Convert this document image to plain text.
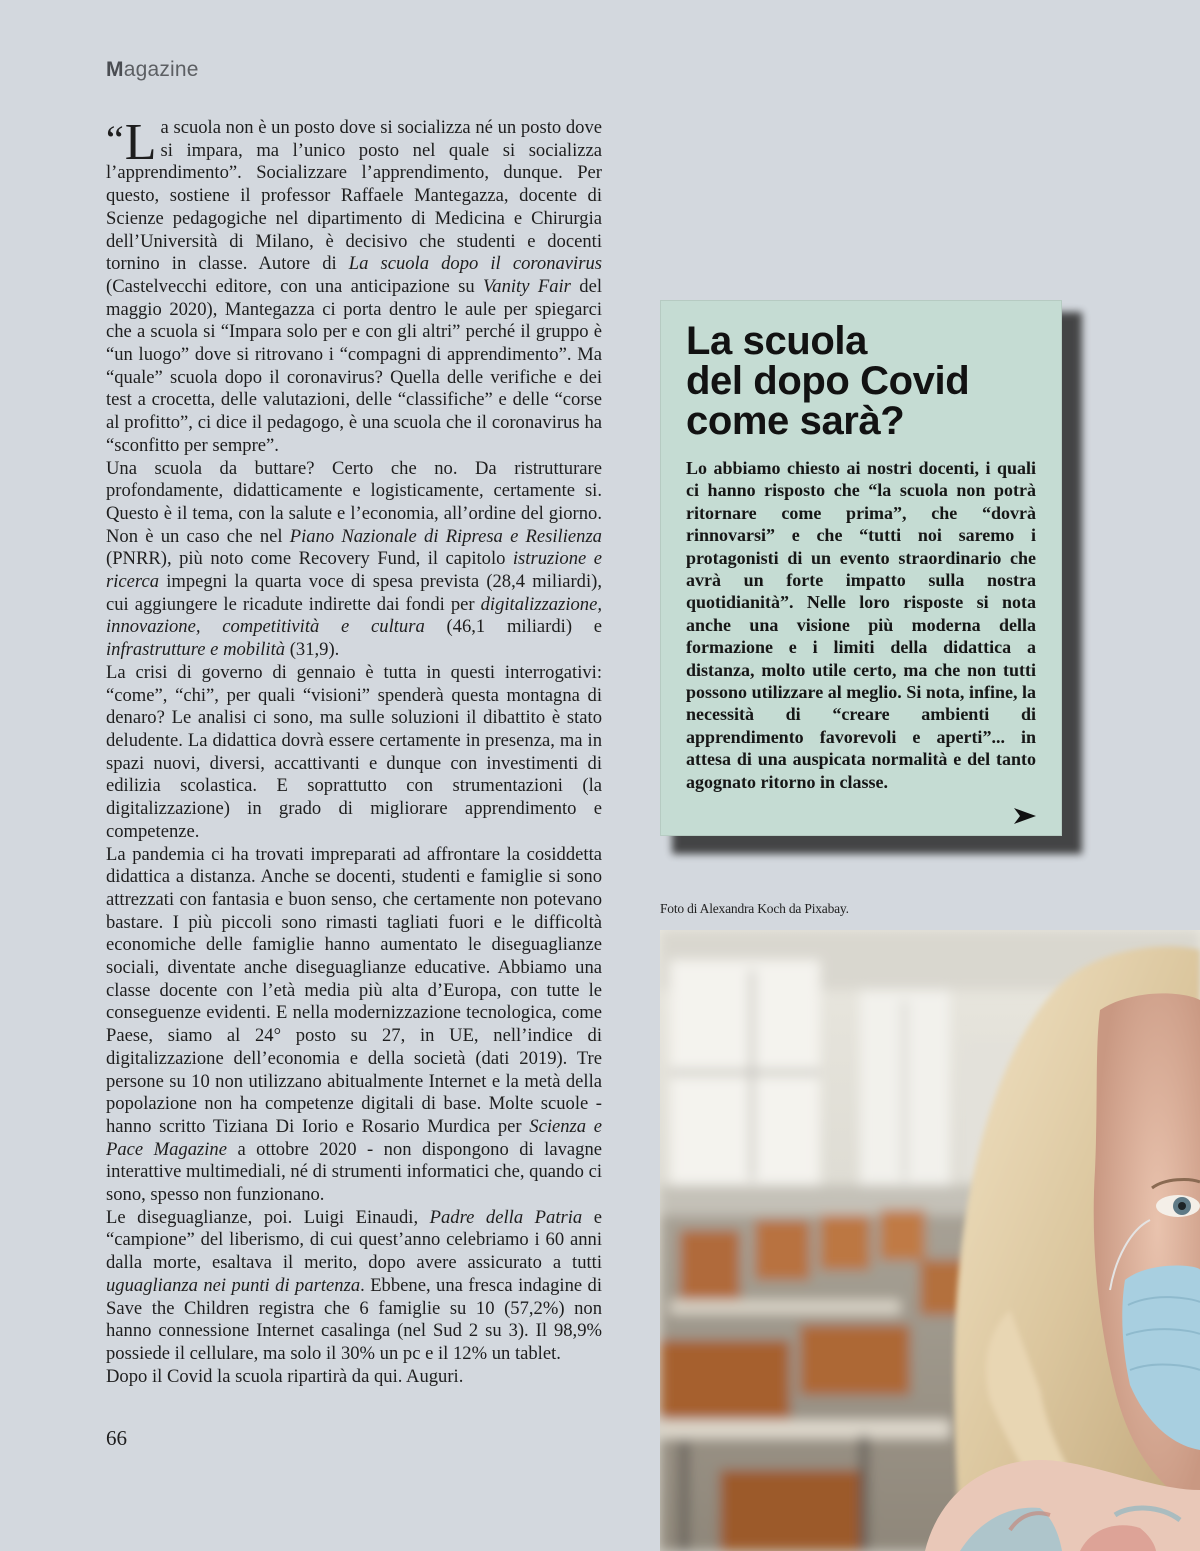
Magazine

“L a scuola non è un posto dove si socializza né un posto dove si impara, ma l’unico posto nel quale si socializza l’apprendimento”. Socializzare l’apprendimento, dunque. Per questo, sostiene il professor Raffaele Mantegazza, docente di Scienze pedagogiche nel dipartimento di Medicina e Chirurgia dell’Università di Milano, è decisivo che studenti e docenti tornino in classe. Autore di La scuola dopo il coronavirus (Castelvecchi editore, con una anticipazione su Vanity Fair del maggio 2020), Mantegazza ci porta dentro le aule per spiegarci che a scuola si “Impara solo per e con gli altri” perché il gruppo è “un luogo” dove si ritrovano i “compagni di apprendimento”. Ma “quale” scuola dopo il coronavirus? Quella delle verifiche e dei test a crocetta, delle valutazioni, delle “classifiche” e delle “corse al profitto”, ci dice il pedagogo, è una scuola che il coronavirus ha “sconfitto per sempre”.

Una scuola da buttare? Certo che no. Da ristrutturare profondamente, didatticamente e logisticamente, certamente si. Questo è il tema, con la salute e l’economia, all’ordine del giorno. Non è un caso che nel Piano Nazionale di Ripresa e Resilienza (PNRR), più noto come Recovery Fund, il capitolo istruzione e ricerca impegni la quarta voce di spesa prevista (28,4 miliardi), cui aggiungere le ricadute indirette dai fondi per digitalizzazione, innovazione, competitività e cultura (46,1 miliardi) e infrastrutture e mobilità (31,9).

La crisi di governo di gennaio è tutta in questi interrogativi: “come”, “chi”, per quali “visioni” spenderà questa montagna di denaro? Le analisi ci sono, ma sulle soluzioni il dibattito è stato deludente. La didattica dovrà essere certamente in presenza, ma in spazi nuovi, diversi, accattivanti e dunque con investimenti di edilizia scolastica. E soprattutto con strumentazioni (la digitalizzazione) in grado di migliorare apprendimento e competenze.

La pandemia ci ha trovati impreparati ad affrontare la cosiddetta didattica a distanza. Anche se docenti, studenti e famiglie si sono attrezzati con fantasia e buon senso, che certamente non potevano bastare. I più piccoli sono rimasti tagliati fuori e le difficoltà economiche delle famiglie hanno aumentato le diseguaglianze sociali, diventate anche diseguaglianze educative. Abbiamo una classe docente con l’età media più alta d’Europa, con tutte le conseguenze evidenti. E nella modernizzazione tecnologica, come Paese, siamo al 24° posto su 27, in UE, nell’indice di digitalizzazione dell’economia e della società (dati 2019). Tre persone su 10 non utilizzano abitualmente Internet e la metà della popolazione non ha competenze digitali di base. Molte scuole - hanno scritto Tiziana Di Iorio e Rosario Murdica per Scienza e Pace Magazine a ottobre 2020 - non dispongono di lavagne interattive multimediali, né di strumenti informatici che, quando ci sono, spesso non funzionano.

Le diseguaglianze, poi. Luigi Einaudi, Padre della Patria e “campione” del liberismo, di cui quest’anno celebriamo i 60 anni dalla morte, esaltava il merito, dopo avere assicurato a tutti uguaglianza nei punti di partenza. Ebbene, una fresca indagine di Save the Children registra che 6 famiglie su 10 (57,2%) non hanno connessione Internet casalinga (nel Sud 2 su 3). Il 98,9% possiede il cellulare, ma solo il 30% un pc e il 12% un tablet.

Dopo il Covid la scuola ripartirà da qui. Auguri.

66
La scuola
del dopo Covid
come sarà?

Lo abbiamo chiesto ai nostri docenti, i quali ci hanno risposto che “la scuola non potrà ritornare come prima”, che “dovrà rinnovarsi” e che “tutti noi saremo i protagonisti di un evento straordinario che avrà un forte impatto sulla nostra quotidianità”. Nelle loro risposte si nota anche una visione più moderna della formazione e i limiti della didattica a distanza, molto utile certo, ma che non tutti possono utilizzare al meglio. Si nota, infine, la necessità di “creare ambienti di apprendimento favorevoli e aperti”... in attesa di una auspicata normalità e del tanto agognato ritorno in classe.

Foto di Alexandra Koch da Pixabay.
